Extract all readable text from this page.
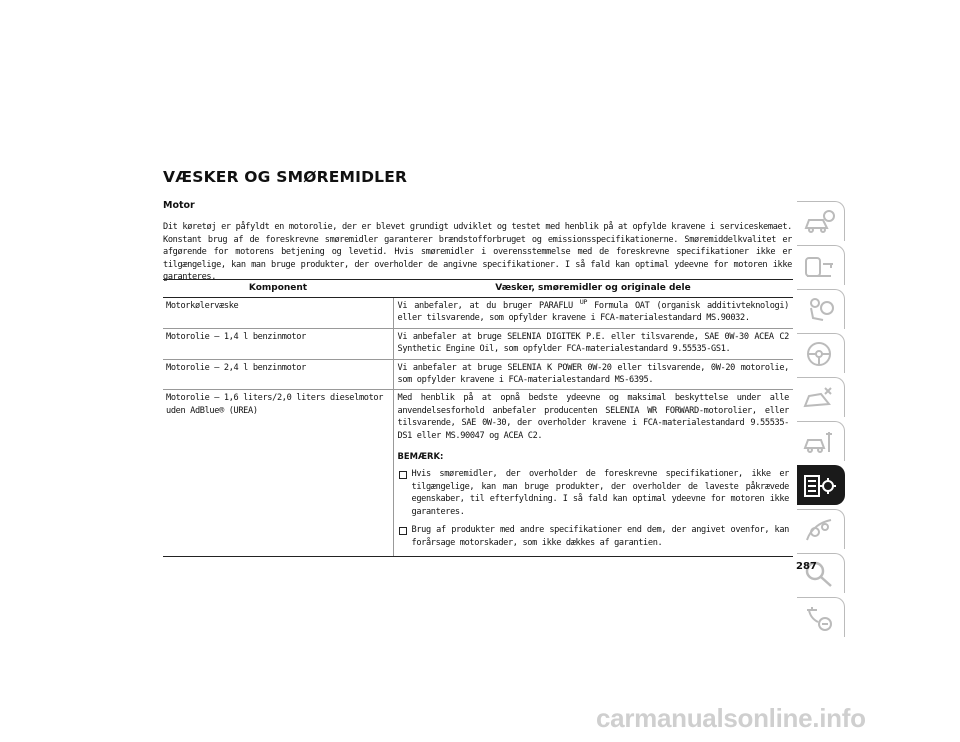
VÆSKER OG SMØREMIDLER
Motor

Dit køretøj er påfyldt en motorolie, der er blevet grundigt udviklet og testet med henblik på at opfylde kravene i serviceskemaet. Konstant brug af de foreskrevne smøremidler garanterer brændstofforbruget og emissionsspecifikationerne. Smøremiddelkvalitet er afgørende for motorens betjening og levetid. Hvis smøremidler i overensstemmelse med de foreskrevne specifikationer ikke er tilgængelige, kan man bruge produkter, der overholder de angivne specifikationer. I så fald kan optimal ydeevne for motoren ikke garanteres.

Komponent	Væsker, smøremidler og originale dele
Motorkølervæske	Vi anbefaler, at du bruger PARAFLU $^{UP}$ Formula OAT (organisk additivteknologi) eller tilsvarende, som opfylder kravene i FCA-materialestandard MS.90032.
Motorolie – 1,4 l benzinmotor	Vi anbefaler at bruge SELENIA DIGITEK P.E. eller tilsvarende, SAE 0W-30 ACEA C2 Synthetic Engine Oil, som opfylder FCA-materialestandard 9.55535-GS1.
Motorolie – 2,4 l benzinmotor	Vi anbefaler at bruge SELENIA K POWER 0W-20 eller tilsvarende, 0W-20 motorolie, som opfylder kravene i FCA-materialestandard MS-6395.
Motorolie – 1,6 liters/2,0 liters dieselmotor uden AdBlue® (UREA)	Med henblik på at opnå bedste ydeevne og maksimal beskyttelse under alle anvendelsesforhold anbefaler producenten SELENIA WR FORWARD-motorolier, eller tilsvarende, SAE 0W-30, der overholder kravene i FCA-materialestandard 9.55535-DS1 eller MS.90047 og ACEA C2.
BEMÆRK:
Hvis smøremidler, der overholder de foreskrevne specifikationer, ikke er tilgængelige, kan man bruge produkter, der overholder de laveste påkrævede egenskaber, til efterfyldning. I så fald kan optimal ydeevne for motoren ikke garanteres.
Brug af produkter med andre specifikationer end dem, der angivet ovenfor, kan forårsage motorskader, som ikke dækkes af garantien.

287

carmanualsonline.info
